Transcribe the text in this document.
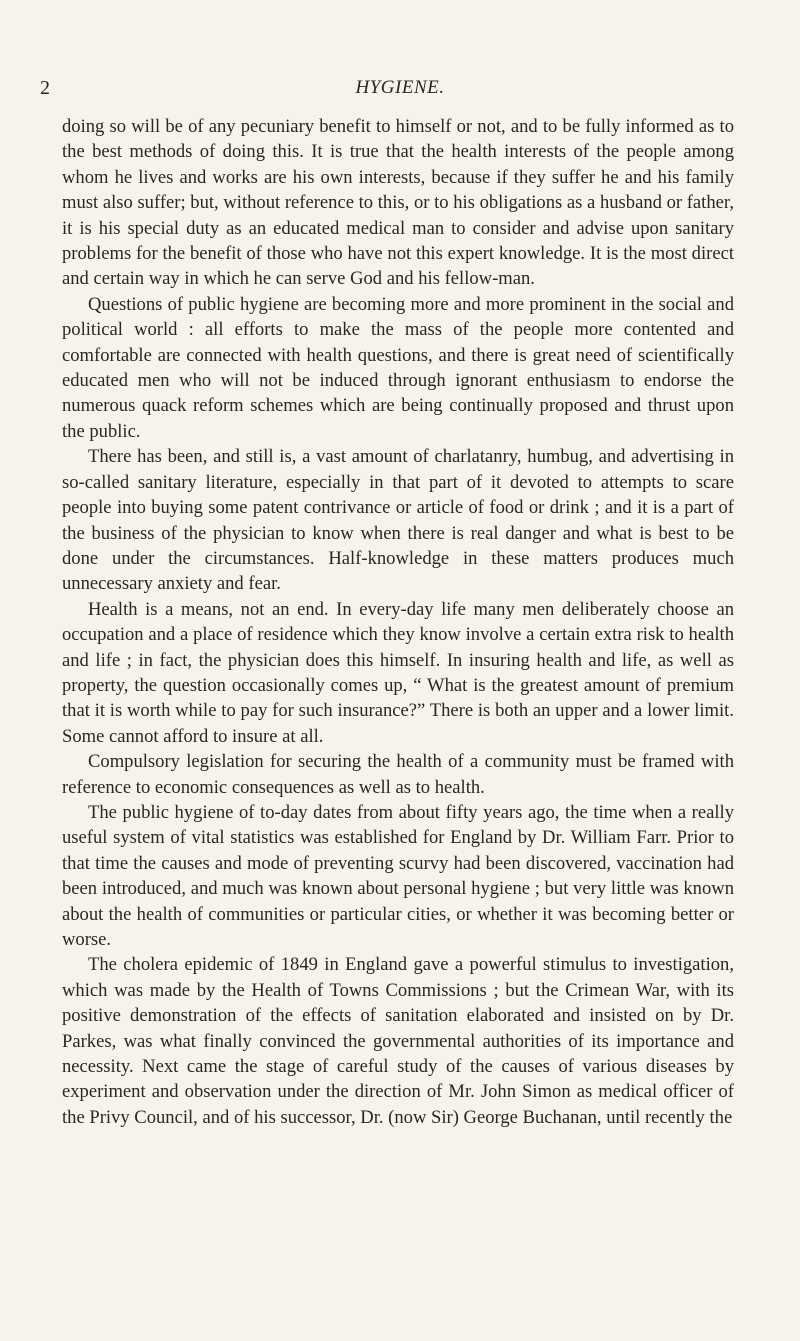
2	HYGIENE.

doing so will be of any pecuniary benefit to himself or not, and to be fully informed as to the best methods of doing this. It is true that the health interests of the people among whom he lives and works are his own interests, because if they suffer he and his family must also suffer; but, without reference to this, or to his obligations as a husband or father, it is his special duty as an educated medical man to consider and advise upon sanitary problems for the benefit of those who have not this expert knowledge. It is the most direct and certain way in which he can serve God and his fellow-man.

Questions of public hygiene are becoming more and more prominent in the social and political world : all efforts to make the mass of the people more contented and comfortable are connected with health questions, and there is great need of scientifically educated men who will not be induced through ignorant enthusiasm to endorse the numerous quack reform schemes which are being continually proposed and thrust upon the public.

There has been, and still is, a vast amount of charlatanry, humbug, and advertising in so-called sanitary literature, especially in that part of it devoted to attempts to scare people into buying some patent contrivance or article of food or drink ; and it is a part of the business of the physician to know when there is real danger and what is best to be done under the circumstances. Half-knowledge in these matters produces much unnecessary anxiety and fear.

Health is a means, not an end. In every-day life many men deliberately choose an occupation and a place of residence which they know involve a certain extra risk to health and life ; in fact, the physician does this himself. In insuring health and life, as well as property, the question occasionally comes up, “ What is the greatest amount of premium that it is worth while to pay for such insurance?” There is both an upper and a lower limit. Some cannot afford to insure at all.

Compulsory legislation for securing the health of a community must be framed with reference to economic consequences as well as to health.

The public hygiene of to-day dates from about fifty years ago, the time when a really useful system of vital statistics was established for England by Dr. William Farr. Prior to that time the causes and mode of preventing scurvy had been discovered, vaccination had been introduced, and much was known about personal hygiene ; but very little was known about the health of communities or particular cities, or whether it was becoming better or worse.

The cholera epidemic of 1849 in England gave a powerful stimulus to investigation, which was made by the Health of Towns Commissions ; but the Crimean War, with its positive demonstration of the effects of sanitation elaborated and insisted on by Dr. Parkes, was what finally convinced the governmental authorities of its importance and necessity. Next came the stage of careful study of the causes of various diseases by experiment and observation under the direction of Mr. John Simon as medical officer of the Privy Council, and of his successor, Dr. (now Sir) George Buchanan, until recently the
